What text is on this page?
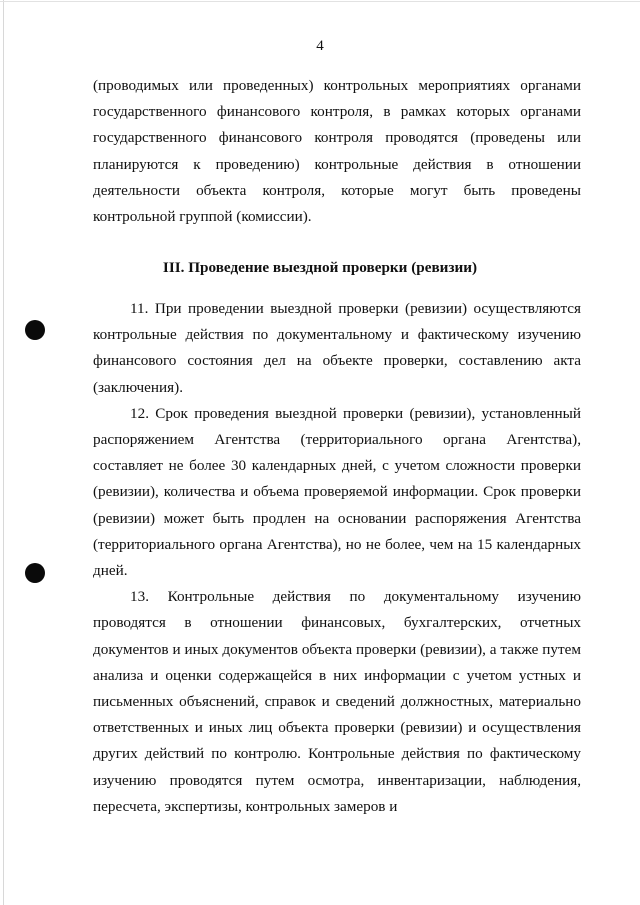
4
(проводимых или проведенных) контрольных мероприятиях органами государственного финансового контроля, в рамках которых органами государственного финансового контроля проводятся (проведены или планируются к проведению) контрольные действия в отношении деятельности объекта контроля, которые могут быть проведены контрольной группой (комиссии).
III. Проведение выездной проверки (ревизии)

11. При проведении выездной проверки (ревизии) осуществляются контрольные действия по документальному и фактическому изучению финансового состояния дел на объекте проверки, составлению акта (заключения).

12. Срок проведения выездной проверки (ревизии), установленный распоряжением Агентства (территориального органа Агентства), составляет не более 30 календарных дней, с учетом сложности проверки (ревизии), количества и объема проверяемой информации. Срок проверки (ревизии) может быть продлен на основании распоряжения Агентства (территориального органа Агентства), но не более, чем на 15 календарных дней.

13. Контрольные действия по документальному изучению проводятся в отношении финансовых, бухгалтерских, отчетных документов и иных документов объекта проверки (ревизии), а также путем анализа и оценки содержащейся в них информации с учетом устных и письменных объяснений, справок и сведений должностных, материально ответственных и иных лиц объекта проверки (ревизии) и осуществления других действий по контролю. Контрольные действия по фактическому изучению проводятся путем осмотра, инвентаризации, наблюдения, пересчета, экспертизы, контрольных замеров и
